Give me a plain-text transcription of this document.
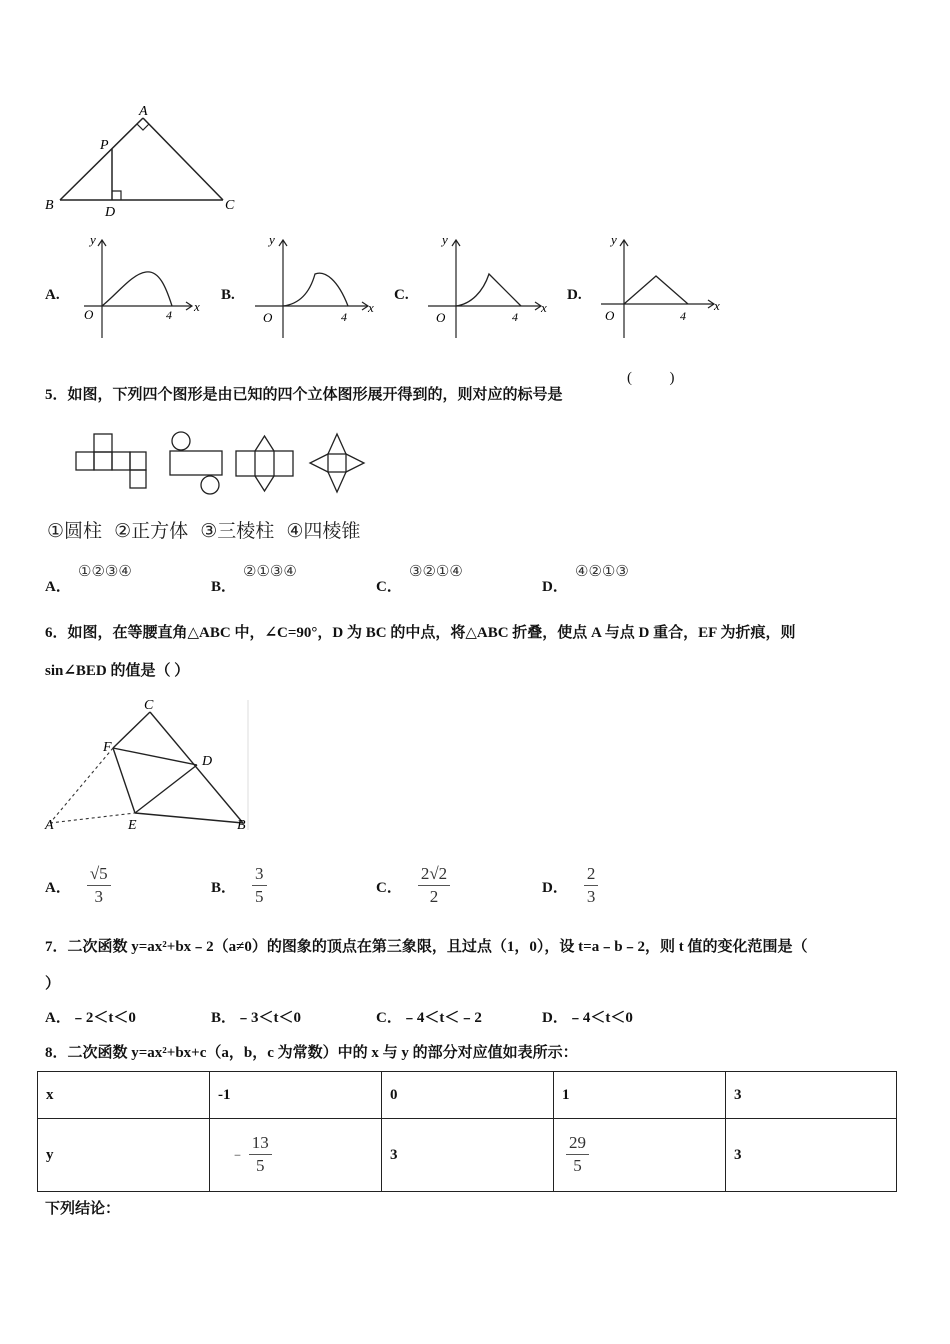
A
P
B	D	C
A.
y
x
O	4
B.
y
x
O	4
C.
y
x
O	4
D.
y
x
O	4
5．如图，下列四个图形是由已知的四个立体图形展开得到的，则对应的标号是
(          )
①圆柱  ②正方体  ③三棱柱  ④四棱锥
A．
①②③④
B．
②①③④
C．
③②①④
D．
④②①③
6．如图，在等腰直角△ABC 中，∠C=90°，D 为 BC 的中点，将△ABC 折叠，使点 A 与点 D 重合，EF 为折痕，则
sin∠BED 的值是（ ）
C
F
D
A	E	B
A． $\frac{√5}{3}$	B． $\frac{3}{5}$	C． $\frac{2√2}{2}$	D． $\frac{2}{3}$
7．二次函数 y=ax²+bx﹣2（a≠0）的图象的顶点在第三象限，且过点（1，0），设 t=a﹣b﹣2，则 t 值的变化范围是（
）
A．﹣2＜t＜0	B．﹣3＜t＜0	C．﹣4＜t＜﹣2	D．﹣4＜t＜0
8．二次函数 y=ax²+bx+c（a，b，c 为常数）中的 x 与 y 的部分对应值如表所示：
x	-1	0	1	3
y	﹣ $\frac{13}{5}$	3	$\frac{29}{5}$	3
下列结论：
